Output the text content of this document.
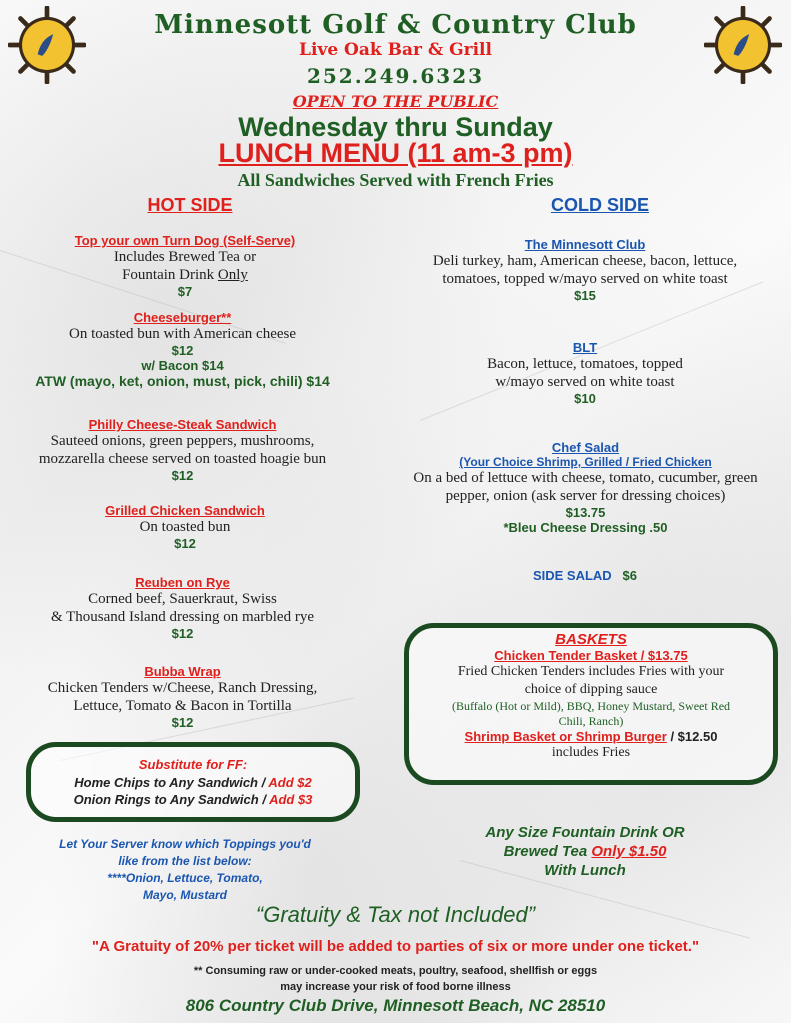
Minnesott Golf & Country Club
Live Oak Bar & Grill
252.249.6323
OPEN TO THE PUBLIC
Wednesday thru Sunday
LUNCH MENU (11 am-3 pm)
All Sandwiches Served with French Fries
HOT SIDE
Top your own Turn Dog (Self-Serve)
Includes Brewed Tea or
Fountain Drink Only
$7
Cheeseburger**
On toasted bun with American cheese
$12
w/ Bacon $14
ATW (mayo, ket, onion, must, pick, chili) $14
Philly Cheese-Steak Sandwich
Sauteed onions, green peppers, mushrooms,
mozzarella cheese served on toasted hoagie bun
$12
Grilled Chicken Sandwich
On toasted bun
$12
Reuben on Rye
Corned beef, Sauerkraut, Swiss
& Thousand Island dressing on marbled rye
$12
Bubba Wrap
Chicken Tenders w/Cheese, Ranch Dressing,
Lettuce, Tomato & Bacon in Tortilla
$12
Substitute for FF:
Home Chips to Any Sandwich / Add $2
Onion Rings to Any Sandwich / Add $3
Let Your Server know which Toppings you'd
like from the list below:
****Onion, Lettuce, Tomato,
Mayo, Mustard
COLD SIDE
The Minnesott Club
Deli turkey, ham, American cheese, bacon, lettuce,
tomatoes, topped w/mayo served on white toast
$15
BLT
Bacon, lettuce, tomatoes, topped
w/mayo served on white toast
$10
Chef Salad
(Your Choice Shrimp, Grilled / Fried Chicken
On a bed of lettuce with cheese, tomato, cucumber, green
pepper, onion (ask server for dressing choices)
$13.75
*Bleu Cheese Dressing .50
SIDE SALAD $6
BASKETS
Chicken Tender Basket / $13.75
Fried Chicken Tenders includes Fries with your
choice of dipping sauce
(Buffalo (Hot or Mild), BBQ, Honey Mustard, Sweet Red
Chili, Ranch)
Shrimp Basket or Shrimp Burger / $12.50
includes Fries
Any Size Fountain Drink OR
Brewed Tea Only $1.50
With Lunch
“Gratuity & Tax not Included”
"A Gratuity of 20% per ticket will be added to parties of six or more under one ticket."
** Consuming raw or under-cooked meats, poultry, seafood, shellfish or eggs
may increase your risk of food borne illness
806 Country Club Drive, Minnesott Beach, NC 28510
